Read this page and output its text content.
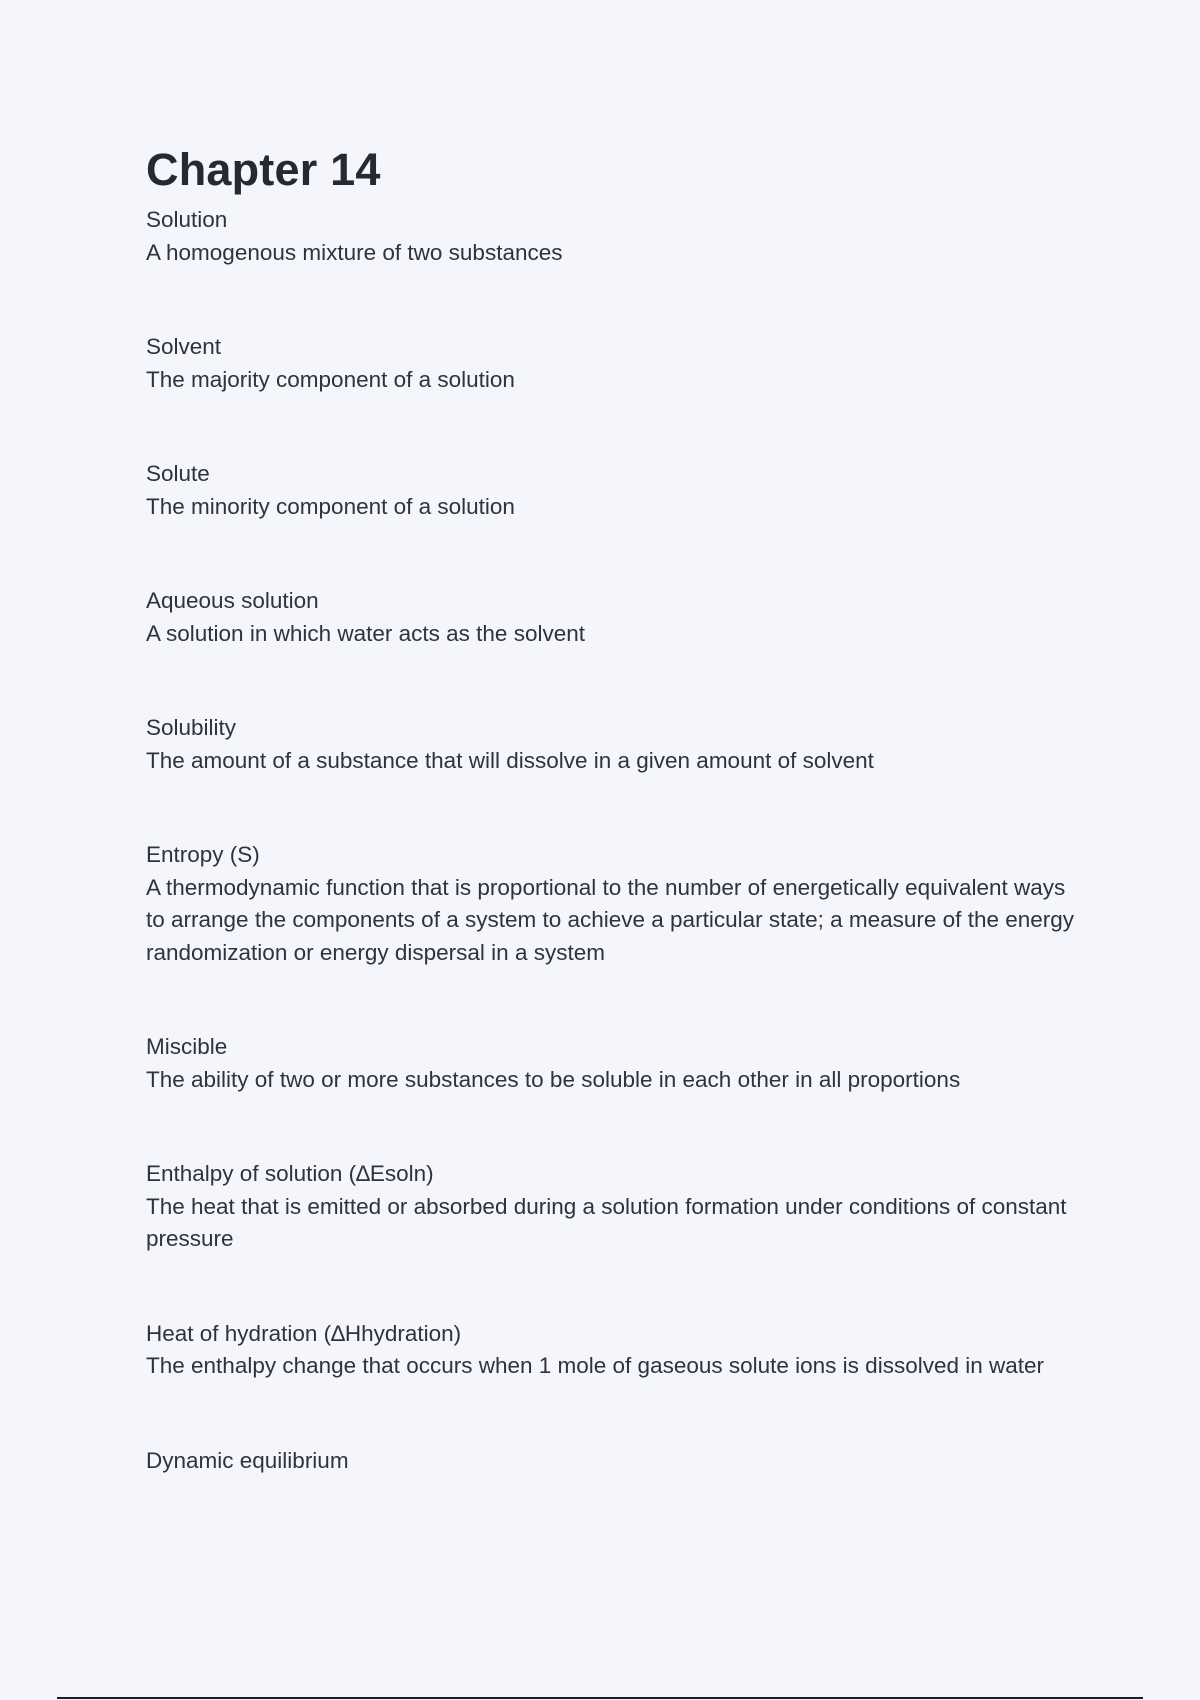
Chapter 14
Solution
A homogenous mixture of two substances
Solvent
The majority component of a solution
Solute
The minority component of a solution
Aqueous solution
A solution in which water acts as the solvent
Solubility
The amount of a substance that will dissolve in a given amount of solvent
Entropy (S)
A thermodynamic function that is proportional to the number of energetically equivalent ways to arrange the components of a system to achieve a particular state; a measure of the energy randomization or energy dispersal in a system
Miscible
The ability of two or more substances to be soluble in each other in all proportions
Enthalpy of solution (∆Esoln)
The heat that is emitted or absorbed during a solution formation under conditions of constant pressure
Heat of hydration (∆Hhydration)
The enthalpy change that occurs when 1 mole of gaseous solute ions is dissolved in water
Dynamic equilibrium
